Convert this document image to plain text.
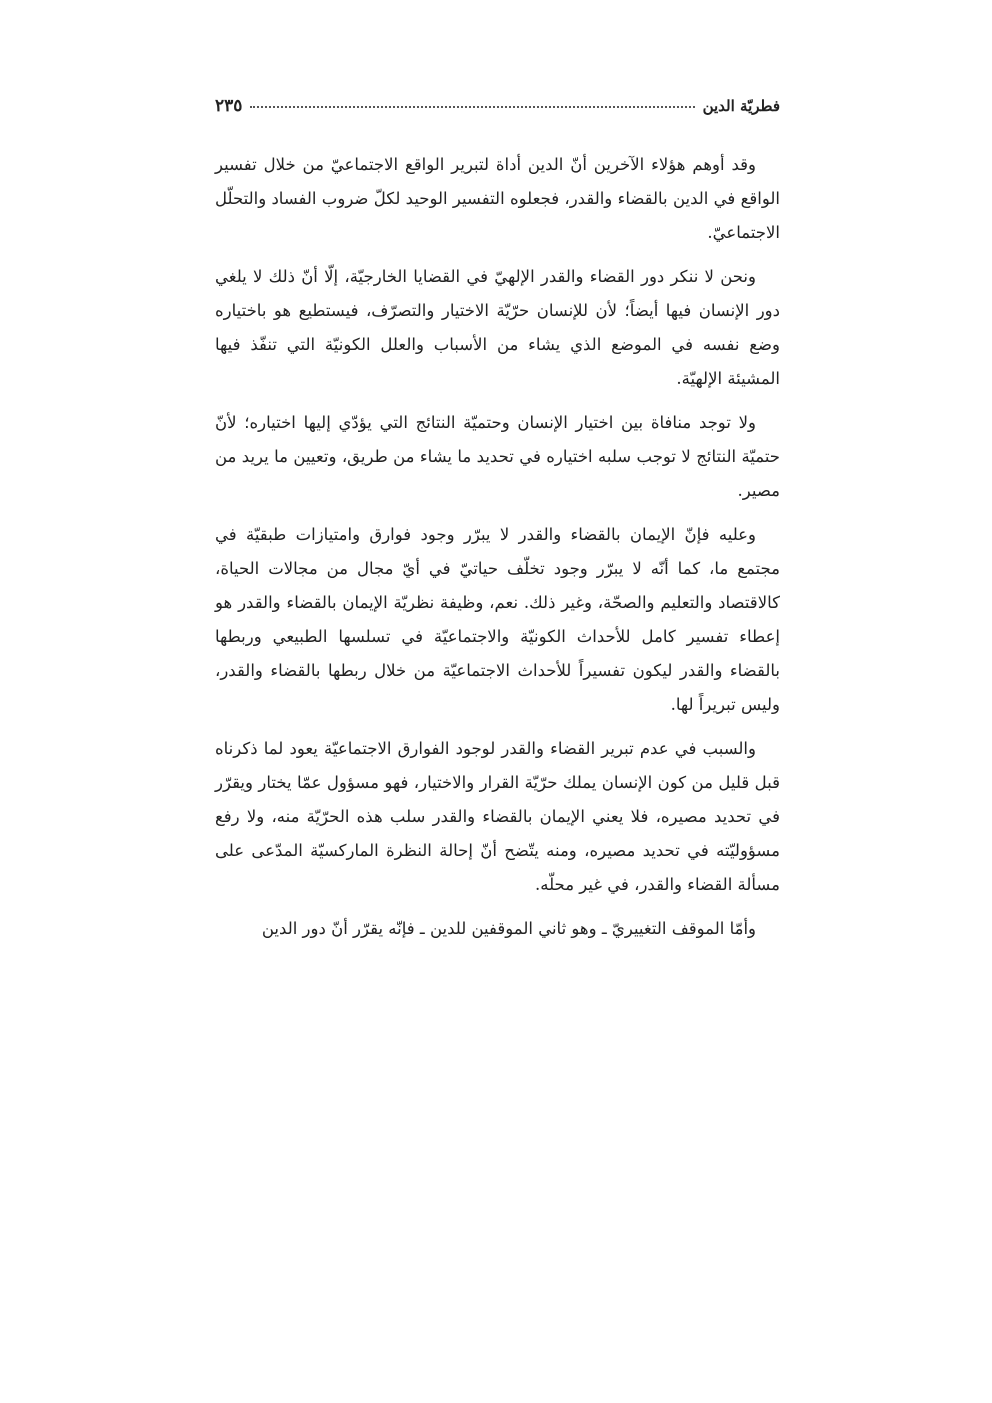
فطريّة الدين
٢٣٥

وقد أوهم هؤلاء الآخرين أنّ الدين أداة لتبرير الواقع الاجتماعيّ من خلال تفسير الواقع في الدين بالقضاء والقدر، فجعلوه التفسير الوحيد لكلّ ضروب الفساد والتحلّل الاجتماعيّ.

ونحن لا ننكر دور القضاء والقدر الإلهيّ في القضايا الخارجيّة، إلّا أنّ ذلك لا يلغي دور الإنسان فيها أيضاً؛ لأن للإنسان حرّيّة الاختيار والتصرّف، فيستطيع هو باختياره وضع نفسه في الموضع الذي يشاء من الأسباب والعلل الكونيّة التي تنفّذ فيها المشيئة الإلهيّة.

ولا توجد منافاة بين اختيار الإنسان وحتميّة النتائج التي يؤدّي إليها اختياره؛ لأنّ حتميّة النتائج لا توجب سلبه اختياره في تحديد ما يشاء من طريق، وتعيين ما يريد من مصير.

وعليه فإنّ الإيمان بالقضاء والقدر لا يبرّر وجود فوارق وامتيازات طبقيّة في مجتمع ما، كما أنّه لا يبرّر وجود تخلّف حياتيّ في أيّ مجال من مجالات الحياة، كالاقتصاد والتعليم والصحّة، وغير ذلك. نعم، وظيفة نظريّة الإيمان بالقضاء والقدر هو إعطاء تفسير كامل للأحداث الكونيّة والاجتماعيّة في تسلسها الطبيعي وربطها بالقضاء والقدر ليكون تفسيراً للأحداث الاجتماعيّة من خلال ربطها بالقضاء والقدر، وليس تبريراً لها.

والسبب في عدم تبرير القضاء والقدر لوجود الفوارق الاجتماعيّة يعود لما ذكرناه قبل قليل من كون الإنسان يملك حرّيّة القرار والاختيار، فهو مسؤول عمّا يختار ويقرّر في تحديد مصيره، فلا يعني الإيمان بالقضاء والقدر سلب هذه الحرّيّة منه، ولا رفع مسؤوليّته في تحديد مصيره، ومنه يتّضح أنّ إحالة النظرة الماركسيّة المدّعى على مسألة القضاء والقدر، في غير محلّه.

وأمّا الموقف التغييريّ ـ وهو ثاني الموقفين للدين ـ فإنّه يقرّر أنّ دور الدين
